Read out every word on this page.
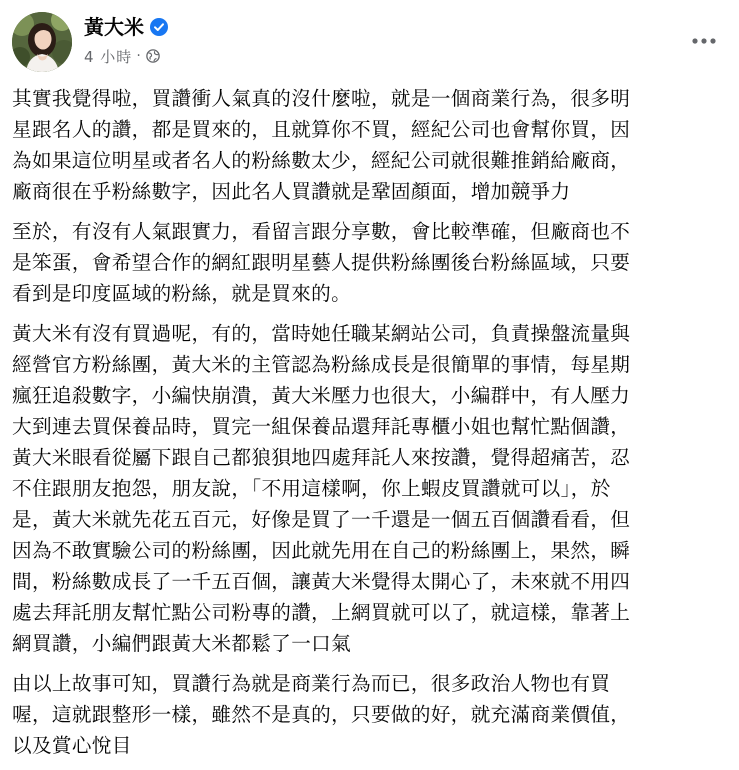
黃大米
4 小時 ·

其實我覺得啦，買讚衝人氣真的沒什麼啦，就是一個商業行為，很多明
星跟名人的讚，都是買來的，且就算你不買，經紀公司也會幫你買，因
為如果這位明星或者名人的粉絲數太少，經紀公司就很難推銷給廠商，
廠商很在乎粉絲數字，因此名人買讚就是鞏固顏面，增加競爭力

至於，有沒有人氣跟實力，看留言跟分享數，會比較準確，但廠商也不
是笨蛋，會希望合作的網紅跟明星藝人提供粉絲團後台粉絲區域，只要
看到是印度區域的粉絲，就是買來的。

黃大米有沒有買過呢，有的，當時她任職某網站公司，負責操盤流量與
經營官方粉絲團，黃大米的主管認為粉絲成長是很簡單的事情，每星期
瘋狂追殺數字，小編快崩潰，黃大米壓力也很大，小編群中，有人壓力
大到連去買保養品時，買完一組保養品還拜託專櫃小姐也幫忙點個讚，
黃大米眼看從屬下跟自己都狼狽地四處拜託人來按讚，覺得超痛苦，忍
不住跟朋友抱怨，朋友說，「不用這樣啊，你上蝦皮買讚就可以」，於
是，黃大米就先花五百元，好像是買了一千還是一個五百個讚看看，但
因為不敢實驗公司的粉絲團，因此就先用在自己的粉絲團上，果然，瞬
間，粉絲數成長了一千五百個，讓黃大米覺得太開心了，未來就不用四
處去拜託朋友幫忙點公司粉專的讚，上網買就可以了，就這樣，靠著上
網買讚，小編們跟黃大米都鬆了一口氣

由以上故事可知，買讚行為就是商業行為而已，很多政治人物也有買
喔，這就跟整形一樣，雖然不是真的，只要做的好，就充滿商業價值，
以及賞心悅目
